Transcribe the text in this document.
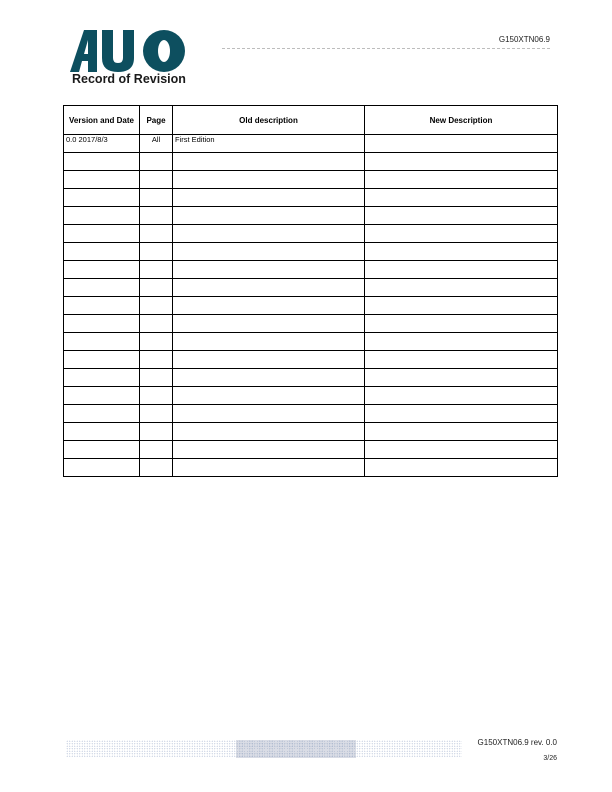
G150XTN06.9
Record of Revision
Version and Date	Page	Old description	New Description
0.0 2017/8/3	All	First Edition	

G150XTN06.9 rev. 0.0
3/26
